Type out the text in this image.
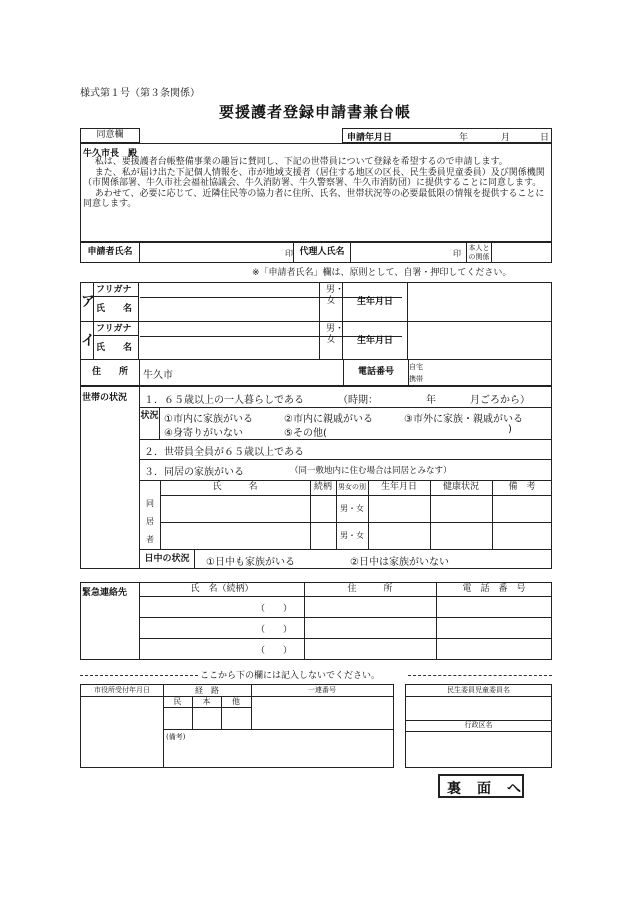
様式第１号（第３条関係）
要援護者登録申請書兼台帳
同意欄	申請年月日	年	月	日
牛久市長　殿
私は、要援護者台帳整備事業の趣旨に賛同し、下記の世帯員について登録を希望するので申請します。
また、私が届け出た下記個人情報を、市が地域支援者（居住する地区の区長、民生委員児童委員）及び関係機関（市関係部署、牛久市社会福祉協議会、牛久消防署、牛久警察署、牛久市消防団）に提供することに同意します。
あわせて、必要に応じて、近隣住民等の協力者に住所、氏名、世帯状況等の必要最低限の情報を提供することに同意します。
申請者氏名	印 代理人氏名	印
本人との関係
※「申請者氏名」欄は、原則として、自署・押印してください。
ア
フリガナ
氏　　名
男・女	生年月日
イ
フリガナ
氏　　名
男・女	生年月日
住　　所	牛久市	電話番号	自宅
携帯
世帯の状況 １．６５歳以上の一人暮らしである	（時期：	年	月ごろから）
状況 ①市内に家族がいる	②市内に親戚がいる	③市外に家族・親戚がいる
④身寄りがいない	⑤その他(	)
２．世帯員全員が６５歳以上である
３．同居の家族がいる	（同一敷地内に住む場合は同居とみなす）
同
居
者
氏　　　名	続柄 男女の別	生年月日	健康状況	備　考
男・女
男・女
日中の状況	①日中も家族がいる	②日中は家族がいない
緊急連絡先	氏　名（続柄）	住　　　所	電　話　番　号
（　　）
（　　）
（　　）
ここから下の欄には記入しないでください。
市役所受付年月日	経　路
民	本	他
一連番号
(備考)
民生委員児童委員名
行政区名
裏　面　へ
